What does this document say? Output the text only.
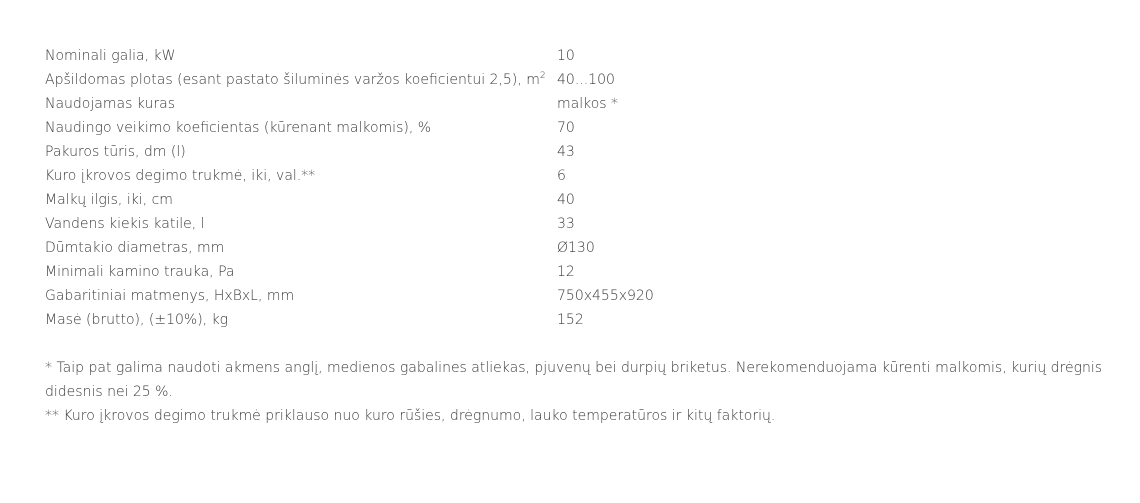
Nominali galia, kW	10
Apšildomas plotas (esant pastato šiluminės varžos koeficientui 2,5), $m^2$ 40...100
Naudojamas kuras	malkos *
Naudingo veikimo koeficientas (kūrenant malkomis), %	70
Pakuros tūris, dm (l)	43
Kuro įkrovos degimo trukmė, iki, val.**	6
Malkų ilgis, iki, cm	40
Vandens kiekis katile, l	33
Dūmtakio diametras, mm	Ø130
Minimali kamino trauka, Pa	12
Gabaritiniai matmenys, HxBxL, mm	750x455x920
Masė (brutto), (±10%), kg	152

* Taip pat galima naudoti akmens anglį, medienos gabalines atliekas, pjuvenų bei durpių briketus. Nerekomenduojama kūrenti malkomis, kurių drėgnis didesnis nei 25 %.

** Kuro įkrovos degimo trukmė priklauso nuo kuro rūšies, drėgnumo, lauko temperatūros ir kitų faktorių.
